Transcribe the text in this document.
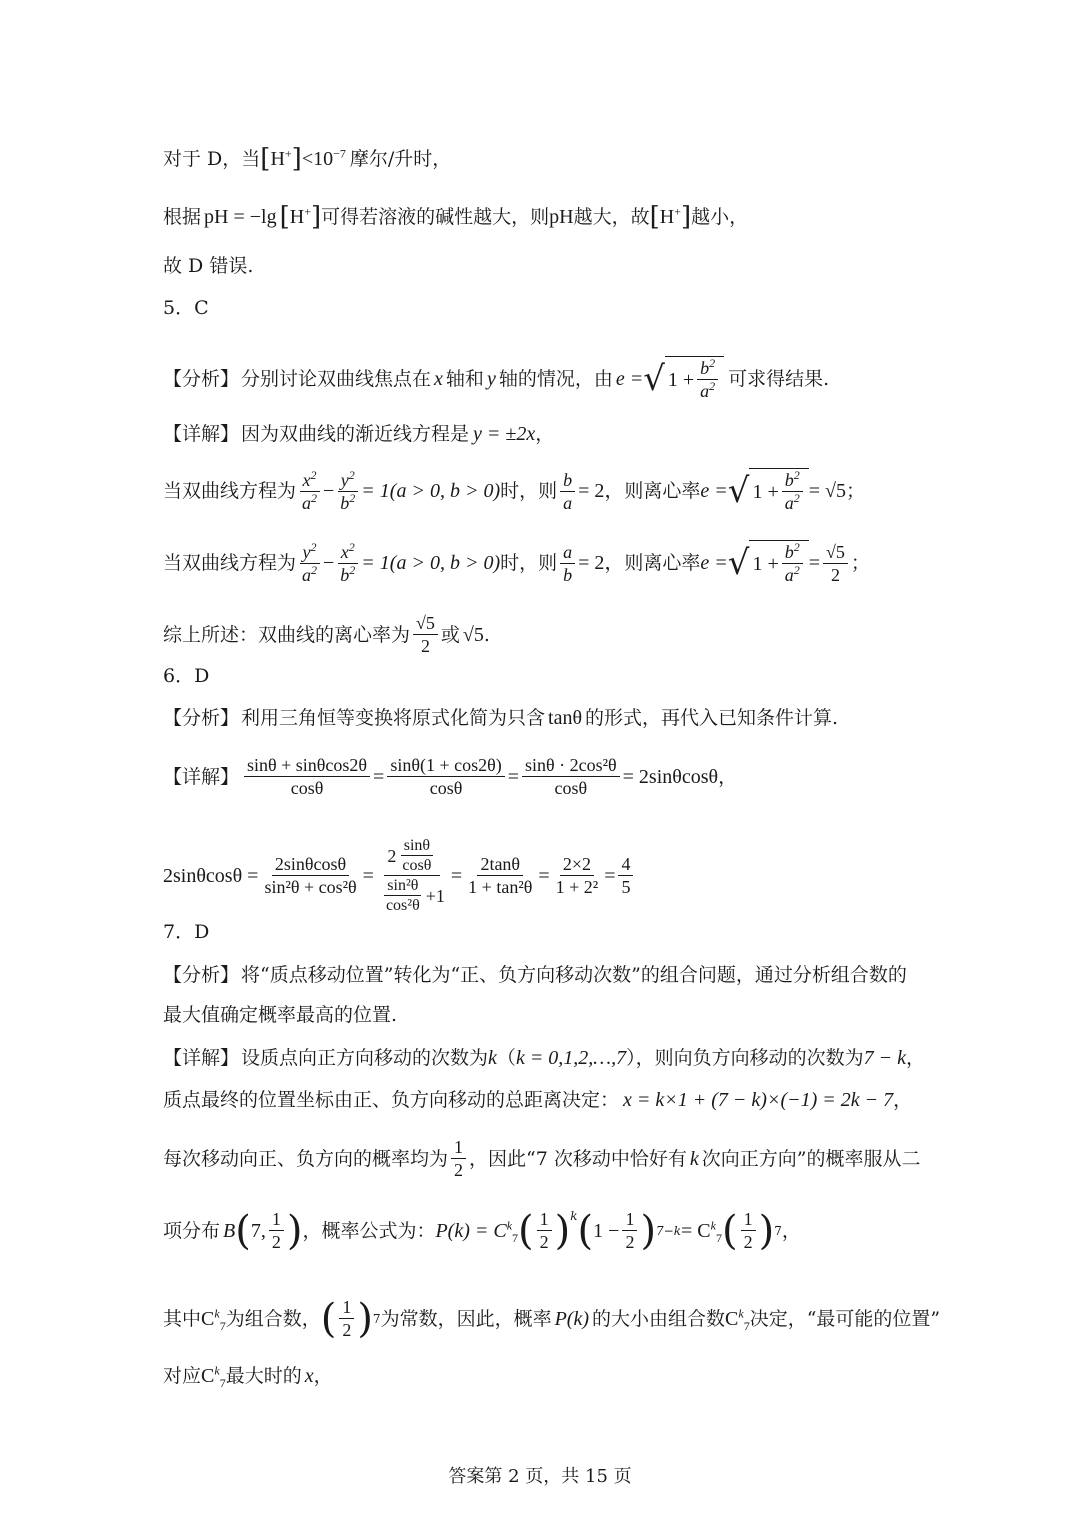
对于 D，当 [ H+ ] $<10^{-7}$ 摩尔/升时，
根据 pH = −lg [ H+ ] 可得若溶液的碱性越大，则 pH 越大，故 [ H+ ] 越小，
故 D 错误.
5．C
【分析】 分别讨论双曲线焦点在 x 轴和 y 轴的情况，由 e = √ $1 + \frac{b^2}{a^2}$ 可求得结果.
【详解】 因为双曲线的渐近线方程是 y = ±2x ，
当双曲线方程为 $\frac{x^2}{a^2} - \frac{y^2}{b^2} = 1(a > 0$, b > 0) 时，则 $\frac{b}{a} = 2$， 则离心率 e = √ $1 + \frac{b^2}{a^2} = √5$ ；
当双曲线方程为 $\frac{y^2}{a^2} - \frac{x^2}{b^2} = 1(a > 0$, b > 0) 时，则 $\frac{a}{b} = 2$， 则离心率 e = √ $1 + \frac{b^2}{a^2} = \frac{√5}{2}$ ；
综上所述：双曲线的离心率为 $\frac{√5}{2}$ 或 √5 .
6．D
【分析】 利用三角恒等变换将原式化简为只含 tanθ 的形式，再代入已知条件计算.
【详解】 $\frac{\sin\theta + \sin\theta\cos 2\theta}{\cos\theta} = \frac{\sin\theta(1 + \cos 2\theta)}{\cos\theta} = \frac{\text{sinθ · 2cos²θ}}{\cos\theta} = 2\sin\theta\cos\theta$ ，
$2\sin\theta\cos\theta = \frac{2\sin\theta\cos\theta}{\text{sin²θ + cos²θ}} = \frac{2 \frac{\sin\theta}{\cos\theta}}{\frac{\text{sin²θ}}{\text{cos²θ}} +1} = \frac{2\tan\theta}{\text{1 + tan²θ}} = \frac{2\times 2}{\text{1 + 2²}} = \frac{4}{5}$
7．D
【分析】 将“质点移动位置”转化为“正、负方向移动次数”的组合问题，通过分析组合数的最大值确定概率最高的位置.
【详解】 设质点向正方向移动的次数为 k （ k = 0,1,2,…,7 ），则向负方向移动的次数为 7 − k ，
质点最终的位置坐标由正、负方向移动的总距离决定： x = k×1 + (7 − k)×(−1) = 2k − 7 ，
每次移动向正、负方向的概率均为 $\frac{1}{2}$ ，因此“7 次移动中恰好有 k 次向正方向”的概率服从二
项分布 B ( 7, $\frac{1}{2}$ ) ，概率公式为： P(k) = C $^k_7$ ( $\frac{1}{2}$ ) k ( $1 - \frac{1}{2}$ ) $7-k = C^k_7$ ( $\frac{1}{2}$ ) 7 ，
其中 $C^k_7$ 为组合数， ( $\frac{1}{2}$ ) 7 为常数，因此，概率 P(k) 的大小由组合数 $C^k_7$ 决定，“最可能的位置”
对应 $C^k_7$ 最大时的 x ，
答案第 2 页，共 15 页
